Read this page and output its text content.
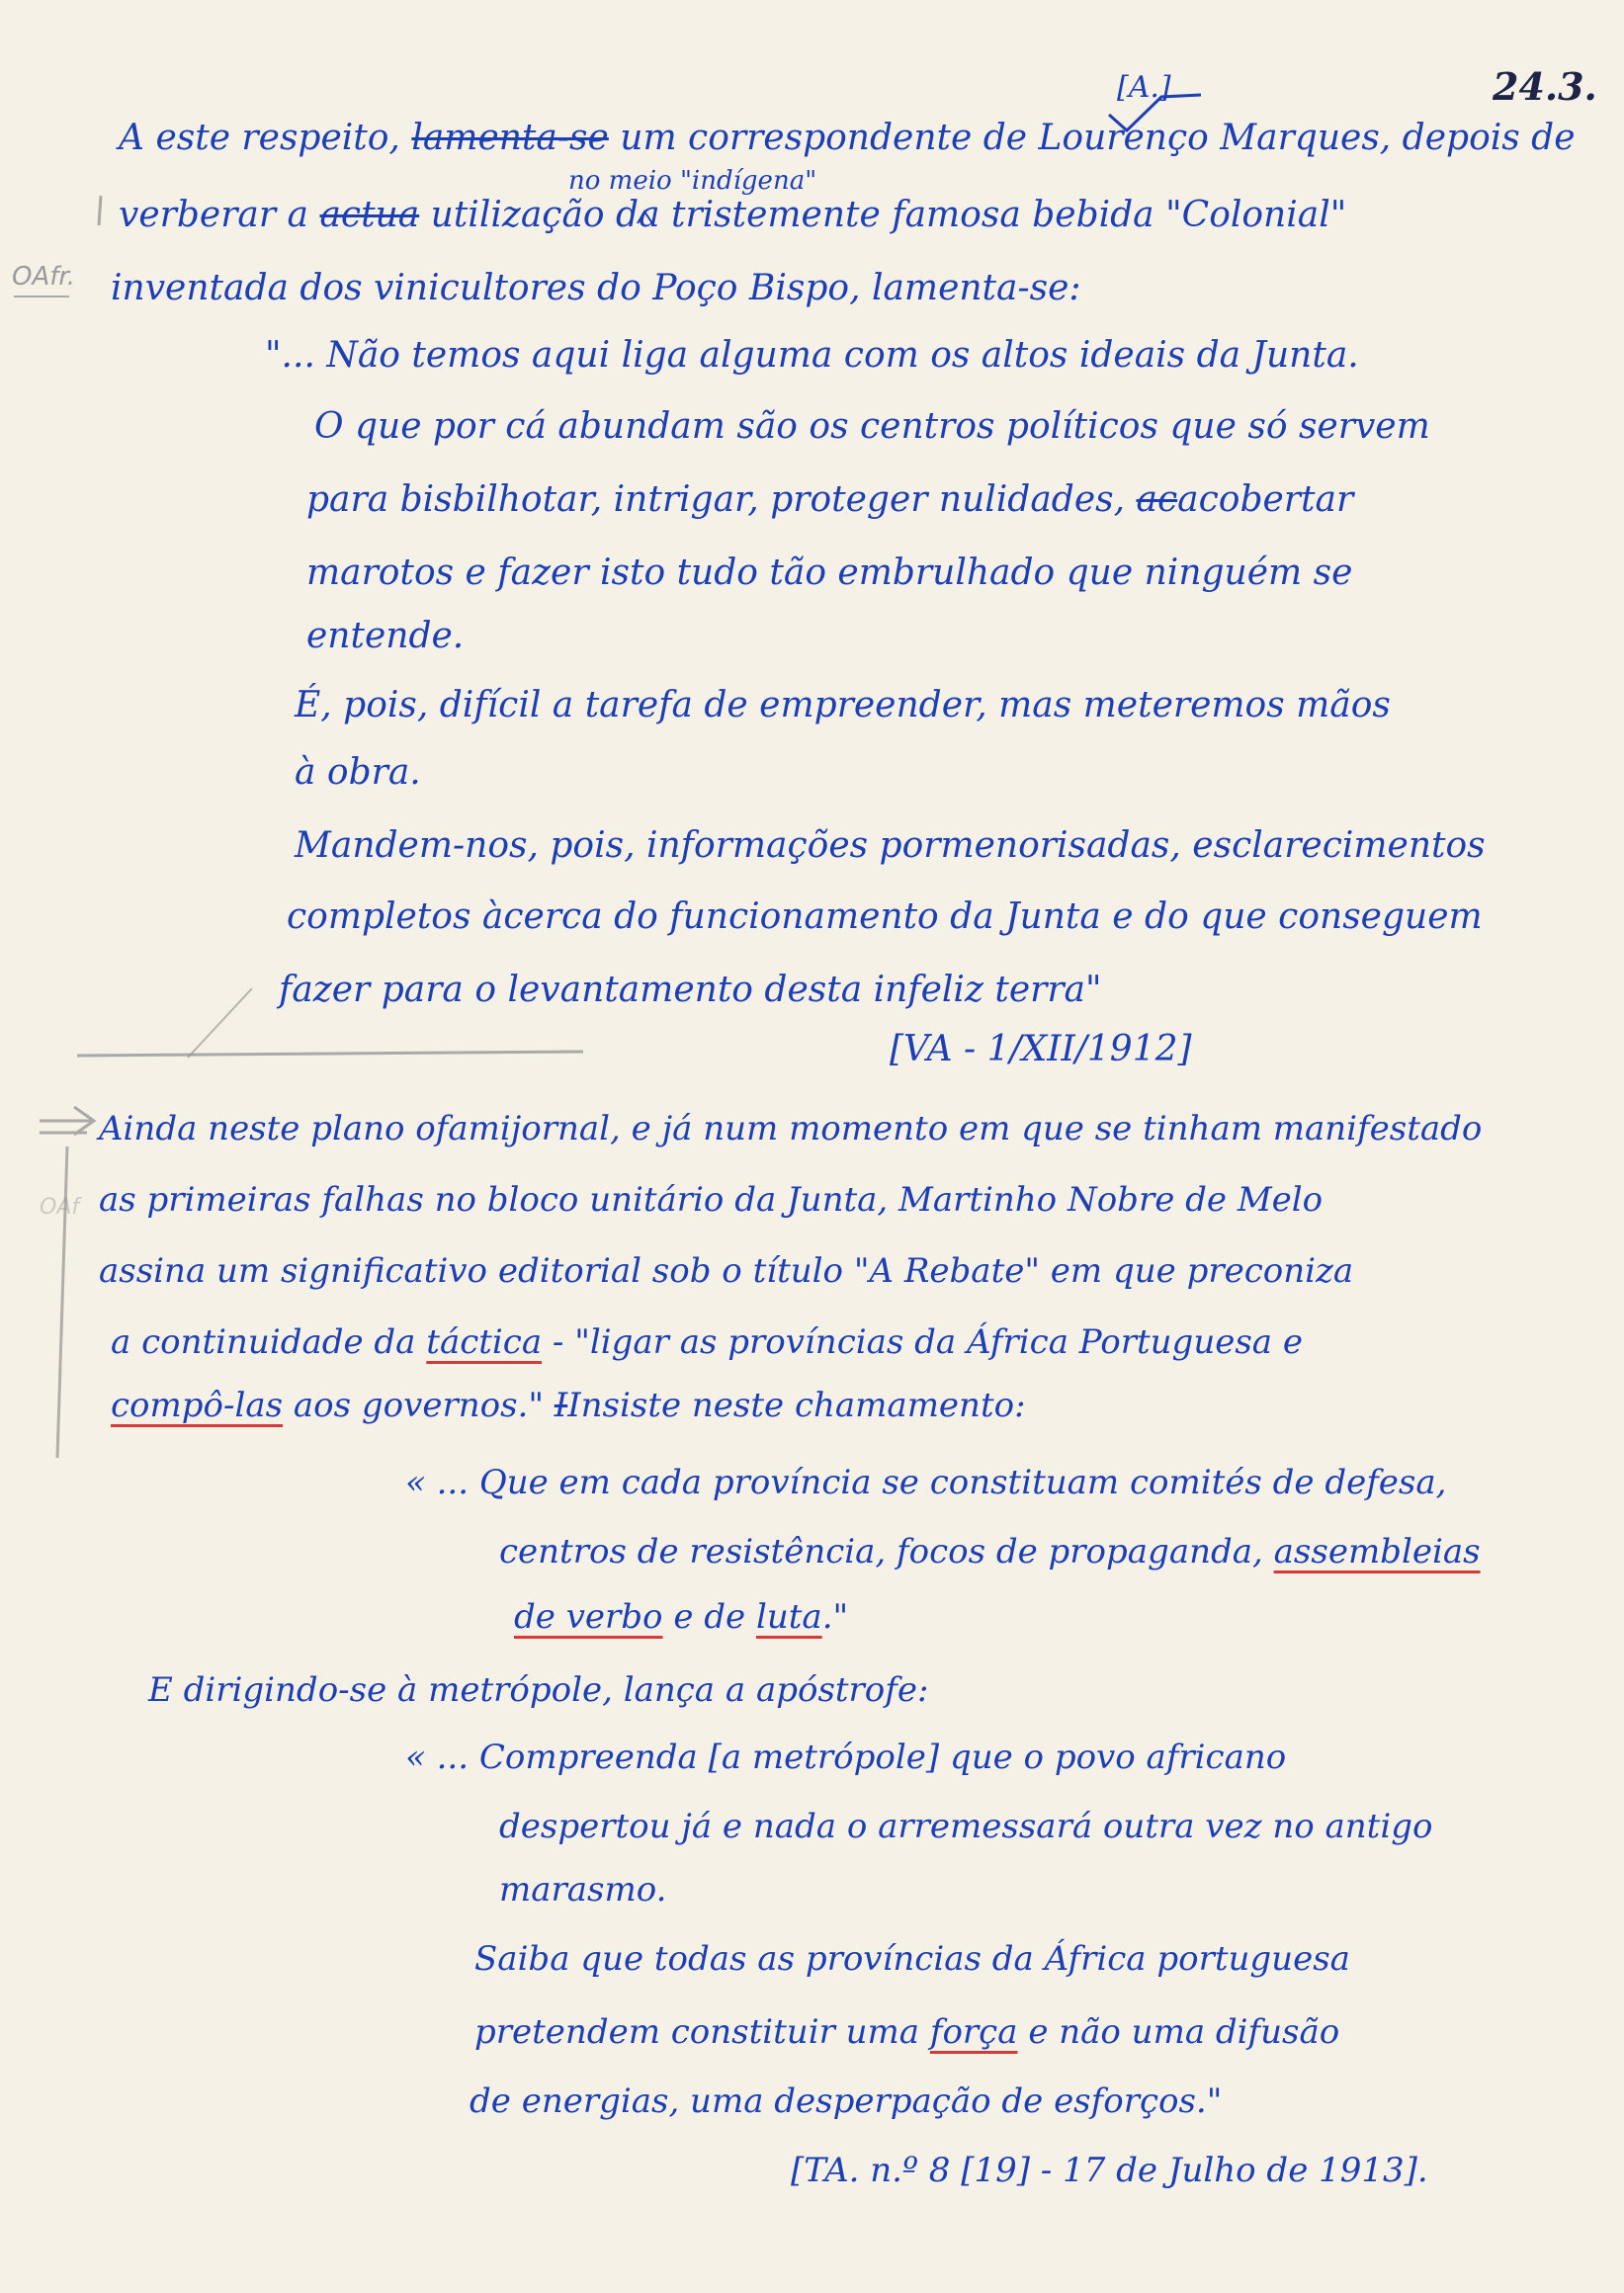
24.3.
[A.]
A este respeito, lamenta-se um correspondente de Lourenço Marques, depois de
no meio "indígena"
verberar a actua utilização da tristemente famosa bebida "Colonial"
OAfr. inventada dos vinicultores do Poço Bispo, lamenta-se:
"... Não temos aqui liga alguma com os altos ideais da Junta.
O que por cá abundam são os centros políticos que só servem
para bisbilhotar, intrigar, proteger nulidades, acacobertar
marotos e fazer isto tudo tão embrulhado que ninguém se
entende.
É, pois, difícil a tarefa de empreender, mas meteremos mãos
à obra.
Mandem-nos, pois, informações pormenorisadas, esclarecimentos
completos àcerca do funcionamento da Junta e do que conseguem
fazer para o levantamento desta infeliz terra"
[VA - 1/XII/1912]
Ainda neste plano ofamijornal, e já num momento em que se tinham manifestado
OAf as primeiras falhas no bloco unitário da Junta, Martinho Nobre de Melo
assina um significativo editorial sob o título "A Rebate" em que preconiza
a continuidade da táctica - "ligar as províncias da África Portuguesa e
compô-las aos governos." IInsiste neste chamamento:
« ... Que em cada província se constituam comités de defesa,
centros de resistência, focos de propaganda, assembleias
de verbo e de luta."
E dirigindo-se à metrópole, lança a apóstrofe:
« ... Compreenda [a metrópole] que o povo africano
despertou já e nada o arremessará outra vez no antigo
marasmo.
Saiba que todas as províncias da África portuguesa
pretendem constituir uma força e não uma difusão
de energias, uma desperpação de esforços."
[TA. n.º 8 [19] - 17 de Julho de 1913].
